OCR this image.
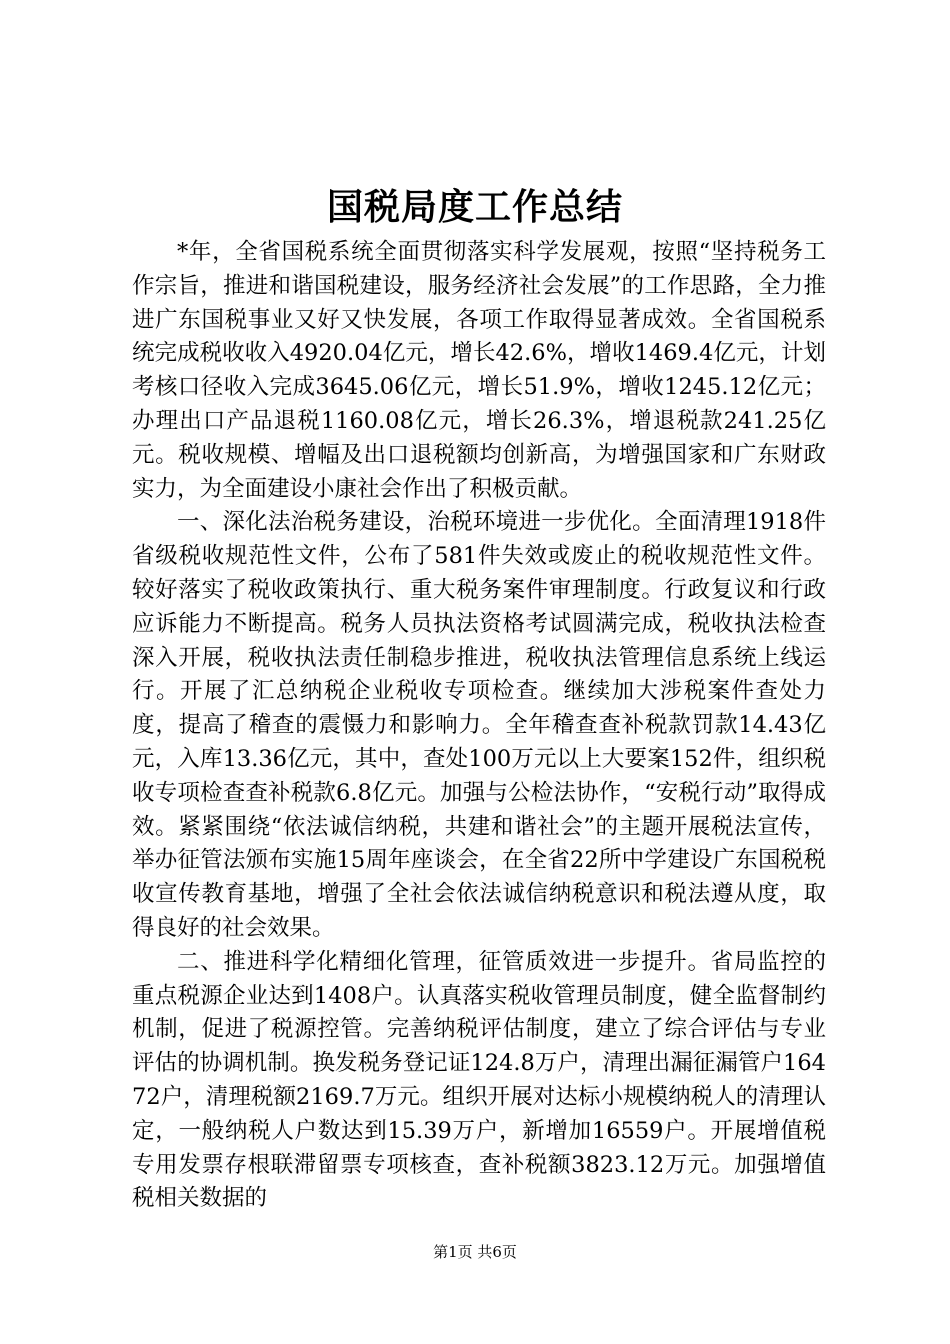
国税局度工作总结

*年，全省国税系统全面贯彻落实科学发展观，按照“坚持税务工作宗旨，推进和谐国税建设，服务经济社会发展”的工作思路，全力推进广东国税事业又好又快发展，各项工作取得显著成效。全省国税系统完成税收收入4920.04亿元，增长42.6%，增收1469.4亿元，计划考核口径收入完成3645.06亿元，增长51.9%，增收1245.12亿元；办理出口产品退税1160.08亿元，增长26.3%，增退税款241.25亿元。税收规模、增幅及出口退税额均创新高，为增强国家和广东财政实力，为全面建设小康社会作出了积极贡献。

一、深化法治税务建设，治税环境进一步优化。全面清理1918件省级税收规范性文件，公布了581件失效或废止的税收规范性文件。较好落实了税收政策执行、重大税务案件审理制度。行政复议和行政应诉能力不断提高。税务人员执法资格考试圆满完成，税收执法检查深入开展，税收执法责任制稳步推进，税收执法管理信息系统上线运行。开展了汇总纳税企业税收专项检查。继续加大涉税案件查处力度，提高了稽查的震慑力和影响力。全年稽查查补税款罚款14.43亿元，入库13.36亿元，其中，查处100万元以上大要案152件，组织税收专项检查查补税款6.8亿元。加强与公检法协作，“安税行动”取得成效。紧紧围绕“依法诚信纳税，共建和谐社会”的主题开展税法宣传，举办征管法颁布实施15周年座谈会，在全省22所中学建设广东国税税收宣传教育基地，增强了全社会依法诚信纳税意识和税法遵从度，取得良好的社会效果。

二、推进科学化精细化管理，征管质效进一步提升。省局监控的重点税源企业达到1408户。认真落实税收管理员制度，健全监督制约机制，促进了税源控管。完善纳税评估制度，建立了综合评估与专业评估的协调机制。换发税务登记证124.8万户，清理出漏征漏管户16472户，清理税额2169.7万元。组织开展对达标小规模纳税人的清理认定，一般纳税人户数达到15.39万户，新增加16559户。开展增值税专用发票存根联滞留票专项核查，查补税额3823.12万元。加强增值税相关数据的

第1页 共6页
